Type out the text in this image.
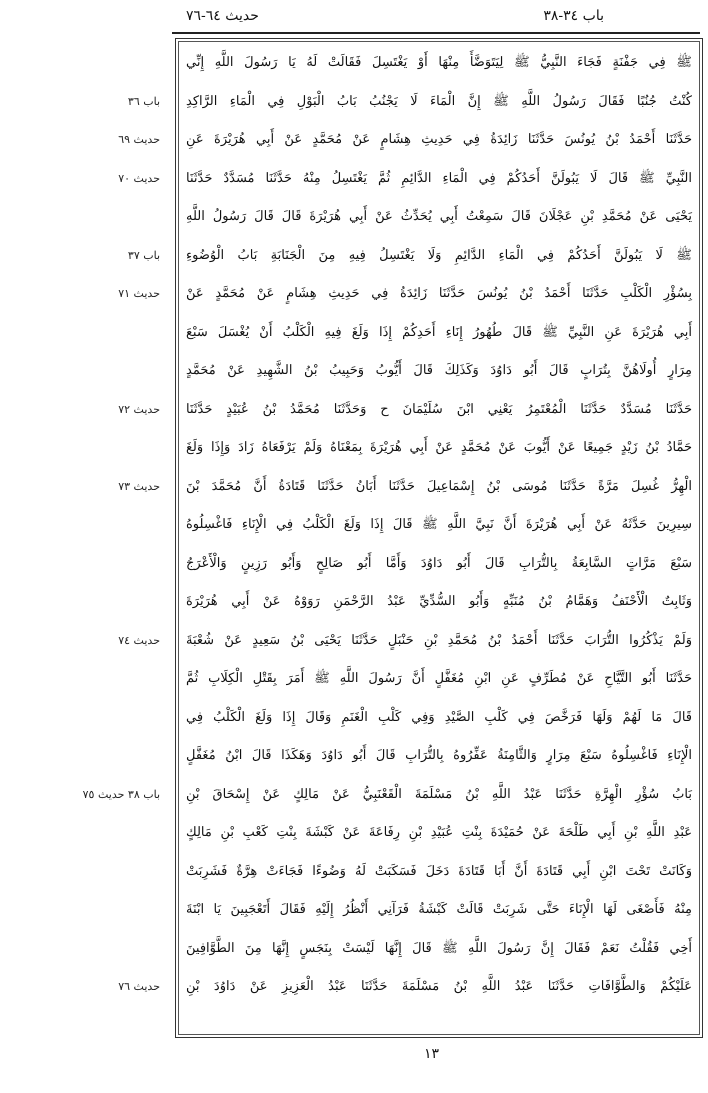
باب ٣٤-٣٨
حديث ٦٤-٧٦
ﷺ فِي جَفْنَةٍ فَجَاءَ النَّبِيُّ ﷺ لِيَتَوَضَّأَ مِنْهَا أَوْ يَغْتَسِلَ فَقَالَتْ لَهُ يَا رَسُولَ اللَّهِ إِنِّي
كُنْتُ جُنُبًا فَقَالَ رَسُولُ اللَّهِ ﷺ إِنَّ الْمَاءَ لَا يَجْنُبُ بَابُ الْبَوْلِ فِي الْمَاءِ الرَّاكِدِ
حَدَّثَنَا أَحْمَدُ بْنُ يُونُسَ حَدَّثَنَا زَائِدَةُ فِي حَدِيثِ هِشَامٍ عَنْ مُحَمَّدٍ عَنْ أَبِي هُرَيْرَةَ عَنِ
النَّبِيِّ ﷺ قَالَ لَا يَبُولَنَّ أَحَدُكُمْ فِي الْمَاءِ الدَّائِمِ ثُمَّ يَغْتَسِلُ مِنْهُ حَدَّثَنَا مُسَدَّدٌ حَدَّثَنَا
يَحْيَى عَنْ مُحَمَّدِ بْنِ عَجْلَانَ قَالَ سَمِعْتُ أَبِي يُحَدِّثُ عَنْ أَبِي هُرَيْرَةَ قَالَ قَالَ رَسُولُ اللَّهِ
ﷺ لَا يَبُولَنَّ أَحَدُكُمْ فِي الْمَاءِ الدَّائِمِ وَلَا يَغْتَسِلُ فِيهِ مِنَ الْجَنَابَةِ بَابُ الْوُضُوءِ
بِسُؤْرِ الْكَلْبِ حَدَّثَنَا أَحْمَدُ بْنُ يُونُسَ حَدَّثَنَا زَائِدَةُ فِي حَدِيثِ هِشَامٍ عَنْ مُحَمَّدٍ عَنْ
أَبِي هُرَيْرَةَ عَنِ النَّبِيِّ ﷺ قَالَ طُهُورُ إِنَاءِ أَحَدِكُمْ إِذَا وَلَغَ فِيهِ الْكَلْبُ أَنْ يُغْسَلَ سَبْعَ
مِرَارٍ أُولَاهُنَّ بِتُرَابٍ قَالَ أَبُو دَاوُدَ وَكَذَلِكَ قَالَ أَيُّوبُ وَحَبِيبُ بْنُ الشَّهِيدِ عَنْ مُحَمَّدٍ
حَدَّثَنَا مُسَدَّدٌ حَدَّثَنَا الْمُعْتَمِرُ يَعْنِي ابْنَ سُلَيْمَانَ ح وَحَدَّثَنَا مُحَمَّدُ بْنُ عُبَيْدٍ حَدَّثَنَا
حَمَّادُ بْنُ زَيْدٍ جَمِيعًا عَنْ أَيُّوبَ عَنْ مُحَمَّدٍ عَنْ أَبِي هُرَيْرَةَ بِمَعْنَاهُ وَلَمْ يَرْفَعَاهُ زَادَ وَإِذَا وَلَغَ
الْهِرُّ غُسِلَ مَرَّةً حَدَّثَنَا مُوسَى بْنُ إِسْمَاعِيلَ حَدَّثَنَا أَبَانُ حَدَّثَنَا قَتَادَةُ أَنَّ مُحَمَّدَ بْنَ
سِيرِينَ حَدَّثَهُ عَنْ أَبِي هُرَيْرَةَ أَنَّ نَبِيَّ اللَّهِ ﷺ قَالَ إِذَا وَلَغَ الْكَلْبُ فِي الْإِنَاءِ فَاغْسِلُوهُ
سَبْعَ مَرَّاتٍ السَّابِعَةُ بِالتُّرَابِ قَالَ أَبُو دَاوُدَ وَأَمَّا أَبُو صَالِحٍ وَأَبُو رَزِينٍ وَالْأَعْرَجُ
وَثَابِتٌ الْأَحْنَفُ وَهَمَّامُ بْنُ مُنَبِّهٍ وَأَبُو السُّدِّيِّ عَبْدُ الرَّحْمَنِ رَوَوْهُ عَنْ أَبِي هُرَيْرَةَ
وَلَمْ يَذْكُرُوا التُّرَابَ حَدَّثَنَا أَحْمَدُ بْنُ مُحَمَّدِ بْنِ حَنْبَلٍ حَدَّثَنَا يَحْيَى بْنُ سَعِيدٍ عَنْ شُعْبَةَ
حَدَّثَنَا أَبُو التَّيَّاحِ عَنْ مُطَرِّفٍ عَنِ ابْنِ مُغَفَّلٍ أَنَّ رَسُولَ اللَّهِ ﷺ أَمَرَ بِقَتْلِ الْكِلَابِ ثُمَّ
قَالَ مَا لَهُمْ وَلَهَا فَرَخَّصَ فِي كَلْبِ الصَّيْدِ وَفِي كَلْبِ الْغَنَمِ وَقَالَ إِذَا وَلَغَ الْكَلْبُ فِي
الْإِنَاءِ فَاغْسِلُوهُ سَبْعَ مِرَارٍ وَالثَّامِنَةُ عَفِّرُوهُ بِالتُّرَابِ قَالَ أَبُو دَاوُدَ وَهَكَذَا قَالَ ابْنُ مُغَفَّلٍ
بَابُ سُؤْرِ الْهِرَّةِ حَدَّثَنَا عَبْدُ اللَّهِ بْنُ مَسْلَمَةَ الْقَعْنَبِيُّ عَنْ مَالِكٍ عَنْ إِسْحَاقَ بْنِ
عَبْدِ اللَّهِ بْنِ أَبِي طَلْحَةَ عَنْ حُمَيْدَةَ بِنْتِ عُبَيْدِ بْنِ رِفَاعَةَ عَنْ كَبْشَةَ بِنْتِ كَعْبِ بْنِ مَالِكٍ
وَكَانَتْ تَحْتَ ابْنِ أَبِي قَتَادَةَ أَنَّ أَبَا قَتَادَةَ دَخَلَ فَسَكَبَتْ لَهُ وَضُوءًا فَجَاءَتْ هِرَّةٌ فَشَرِبَتْ
مِنْهُ فَأَصْغَى لَهَا الْإِنَاءَ حَتَّى شَرِبَتْ قَالَتْ كَبْشَةُ فَرَآنِي أَنْظُرُ إِلَيْهِ فَقَالَ أَتَعْجَبِينَ يَا ابْنَةَ
أَخِي فَقُلْتُ نَعَمْ فَقَالَ إِنَّ رَسُولَ اللَّهِ ﷺ قَالَ إِنَّهَا لَيْسَتْ بِنَجَسٍ إِنَّهَا مِنَ الطَّوَّافِينَ
عَلَيْكُمْ وَالطَّوَّافَاتِ حَدَّثَنَا عَبْدُ اللَّهِ بْنُ مَسْلَمَةَ حَدَّثَنَا عَبْدُ الْعَزِيزِ عَنْ دَاوُدَ بْنِ
باب ٣٦
حديث ٦٩
حديث ٧٠
باب ٣٧
حديث ٧١
حديث ٧٢
حديث ٧٣
حديث ٧٤
باب ٣٨ حديث ٧٥
حديث ٧٦
١٣
